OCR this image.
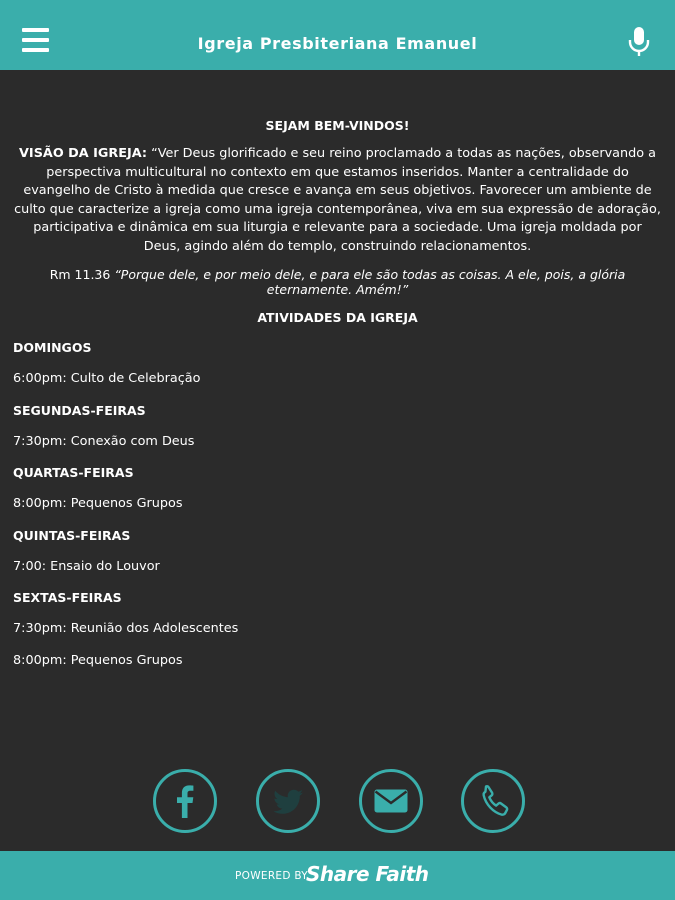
Igreja Presbiteriana Emanuel

SEJAM BEM-VINDOS!

VISÃO DA IGREJA: “Ver Deus glorificado e seu reino proclamado a todas as nações, observando a perspectiva multicultural no contexto em que estamos inseridos. Manter a centralidade do evangelho de Cristo à medida que cresce e avança em seus objetivos. Favorecer um ambiente de culto que caracterize a igreja como uma igreja contemporânea, viva em sua expressão de adoração, participativa e dinâmica em sua liturgia e relevante para a sociedade. Uma igreja moldada por Deus, agindo além do templo, construindo relacionamentos.

Rm 11.36 “Porque dele, e por meio dele, e para ele são todas as coisas. A ele, pois, a glória eternamente. Amém!”

ATIVIDADES DA IGREJA

DOMINGOS

6:00pm: Culto de Celebração

SEGUNDAS-FEIRAS

7:30pm: Conexão com Deus

QUARTAS-FEIRAS

8:00pm: Pequenos Grupos

QUINTAS-FEIRAS

7:00: Ensaio do Louvor

SEXTAS-FEIRAS

7:30pm: Reunião dos Adolescentes

8:00pm: Pequenos Grupos

POWERED BY
Share Faith
